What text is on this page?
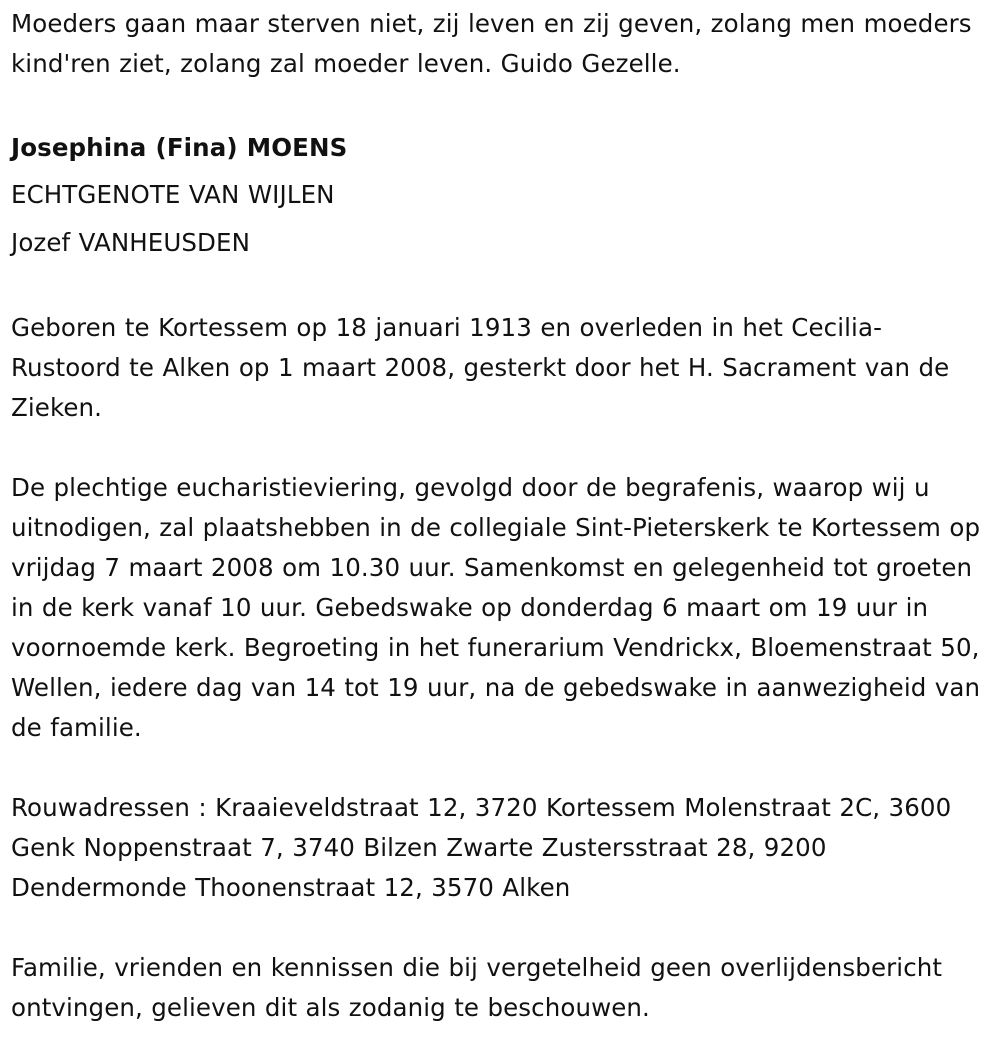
Moeders gaan maar sterven niet, zij leven en zij geven, zolang men moeders kind'ren ziet, zolang zal moeder leven. Guido Gezelle.

Josephina (Fina) MOENS

ECHTGENOTE VAN WIJLEN

Jozef VANHEUSDEN

Geboren te Kortessem op 18 januari 1913 en overleden in het Cecilia-Rustoord te Alken op 1 maart 2008, gesterkt door het H. Sacrament van de Zieken.

De plechtige eucharistieviering, gevolgd door de begrafenis, waarop wij u uitnodigen, zal plaatshebben in de collegiale Sint-Pieterskerk te Kortessem op vrijdag 7 maart 2008 om 10.30 uur. Samenkomst en gelegenheid tot groeten in de kerk vanaf 10 uur. Gebedswake op donderdag 6 maart om 19 uur in voornoemde kerk. Begroeting in het funerarium Vendrickx, Bloemenstraat 50, Wellen, iedere dag van 14 tot 19 uur, na de gebedswake in aanwezigheid van de familie.

Rouwadressen : Kraaieveldstraat 12, 3720 Kortessem Molenstraat 2C, 3600 Genk Noppenstraat 7, 3740 Bilzen Zwarte Zustersstraat 28, 9200 Dendermonde Thoonenstraat 12, 3570 Alken

Familie, vrienden en kennissen die bij vergetelheid geen overlijdensbericht ontvingen, gelieven dit als zodanig te beschouwen.
